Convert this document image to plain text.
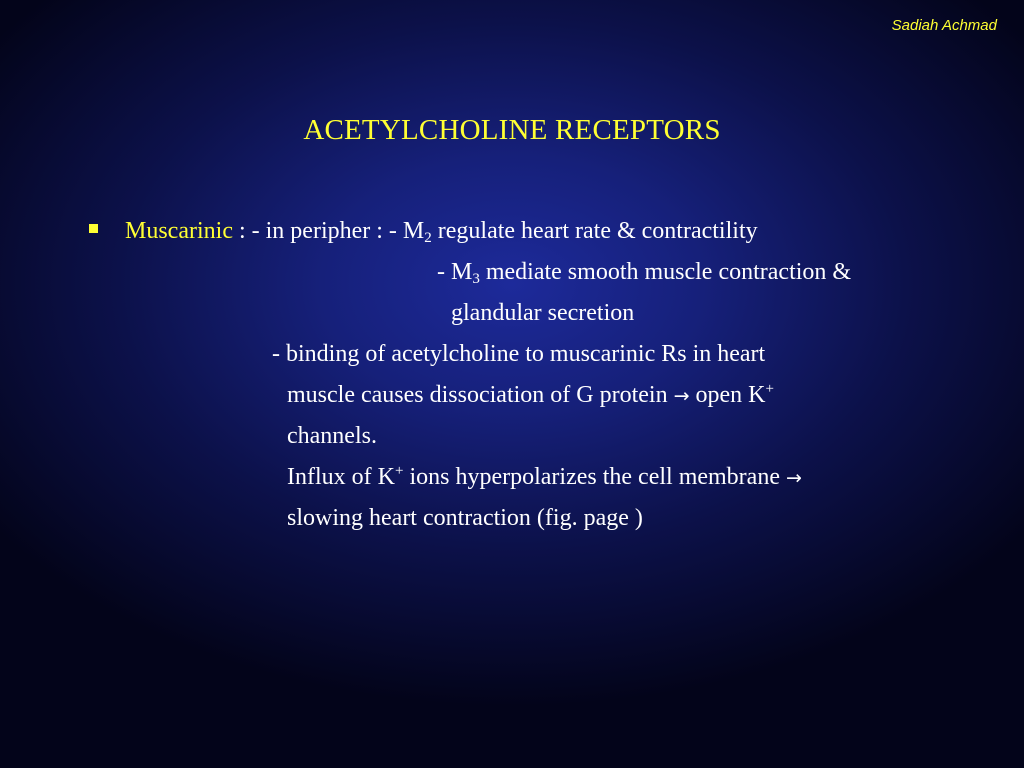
Sadiah Achmad
ACETYLCHOLINE RECEPTORS
Muscarinic : - in peripher : - $M_2$ regulate heart rate & contractility
- $M_3$ mediate smooth muscle contraction &
glandular secretion
- binding of acetylcholine to muscarinic Rs in heart
muscle causes dissociation of G protein → open K+
channels.
Influx of K+ ions hyperpolarizes the cell membrane →
slowing heart contraction (fig. page )
